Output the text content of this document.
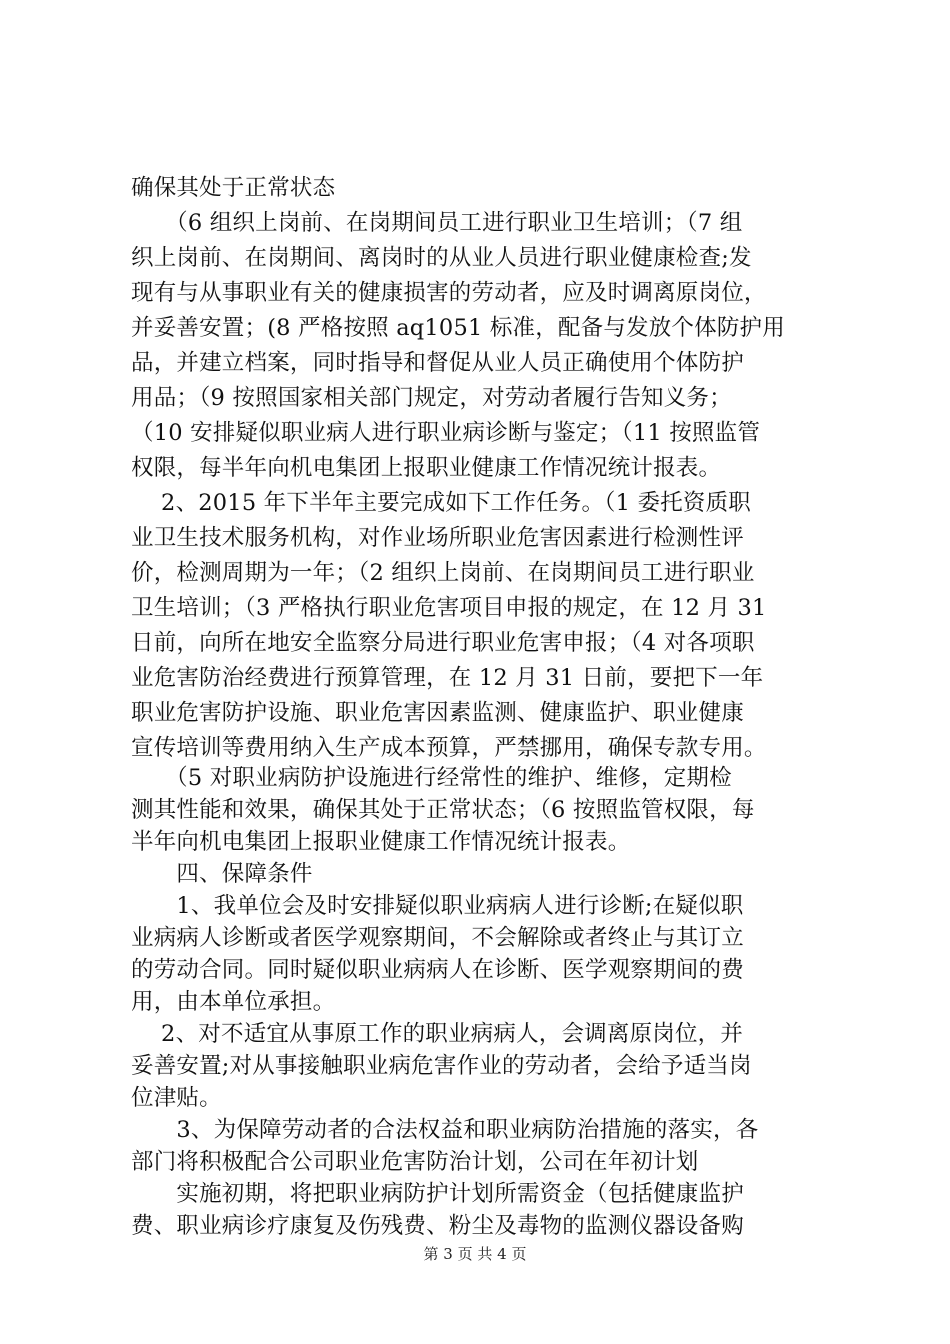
确保其处于正常状态
　　（6 组织上岗前、在岗期间员工进行职业卫生培训；（7 组
织上岗前、在岗期间、离岗时的从业人员进行职业健康检查;发
现有与从事职业有关的健康损害的劳动者，应及时调离原岗位，
并妥善安置；(8 严格按照 aq1051 标准，配备与发放个体防护用
品，并建立档案，同时指导和督促从业人员正确使用个体防护
用品；（9 按照国家相关部门规定，对劳动者履行告知义务；
（10 安排疑似职业病人进行职业病诊断与鉴定；（11 按照监管
权限，每半年向机电集团上报职业健康工作情况统计报表。
　 2、2015 年下半年主要完成如下工作任务。（1 委托资质职
业卫生技术服务机构，对作业场所职业危害因素进行检测性评
价，检测周期为一年；（2 组织上岗前、在岗期间员工进行职业
卫生培训；（3 严格执行职业危害项目申报的规定，在 12 月 31
日前，向所在地安全监察分局进行职业危害申报；（4 对各项职
业危害防治经费进行预算管理，在 12 月 31 日前，要把下一年
职业危害防护设施、职业危害因素监测、健康监护、职业健康
宣传培训等费用纳入生产成本预算，严禁挪用，确保专款专用。
　　（5 对职业病防护设施进行经常性的维护、维修，定期检
测其性能和效果，确保其处于正常状态；（6 按照监管权限，每
半年向机电集团上报职业健康工作情况统计报表。
　　四、保障条件
　　1、我单位会及时安排疑似职业病病人进行诊断;在疑似职
业病病人诊断或者医学观察期间，不会解除或者终止与其订立
的劳动合同。同时疑似职业病病人在诊断、医学观察期间的费
用，由本单位承担。
　 2、对不适宜从事原工作的职业病病人，会调离原岗位，并
妥善安置;对从事接触职业病危害作业的劳动者，会给予适当岗
位津贴。
　　3、为保障劳动者的合法权益和职业病防治措施的落实，各
部门将积极配合公司职业危害防治计划，公司在年初计划
　　实施初期，将把职业病防护计划所需资金（包括健康监护
费、职业病诊疗康复及伤残费、粉尘及毒物的监测仪器设备购
第 3 页 共 4 页
